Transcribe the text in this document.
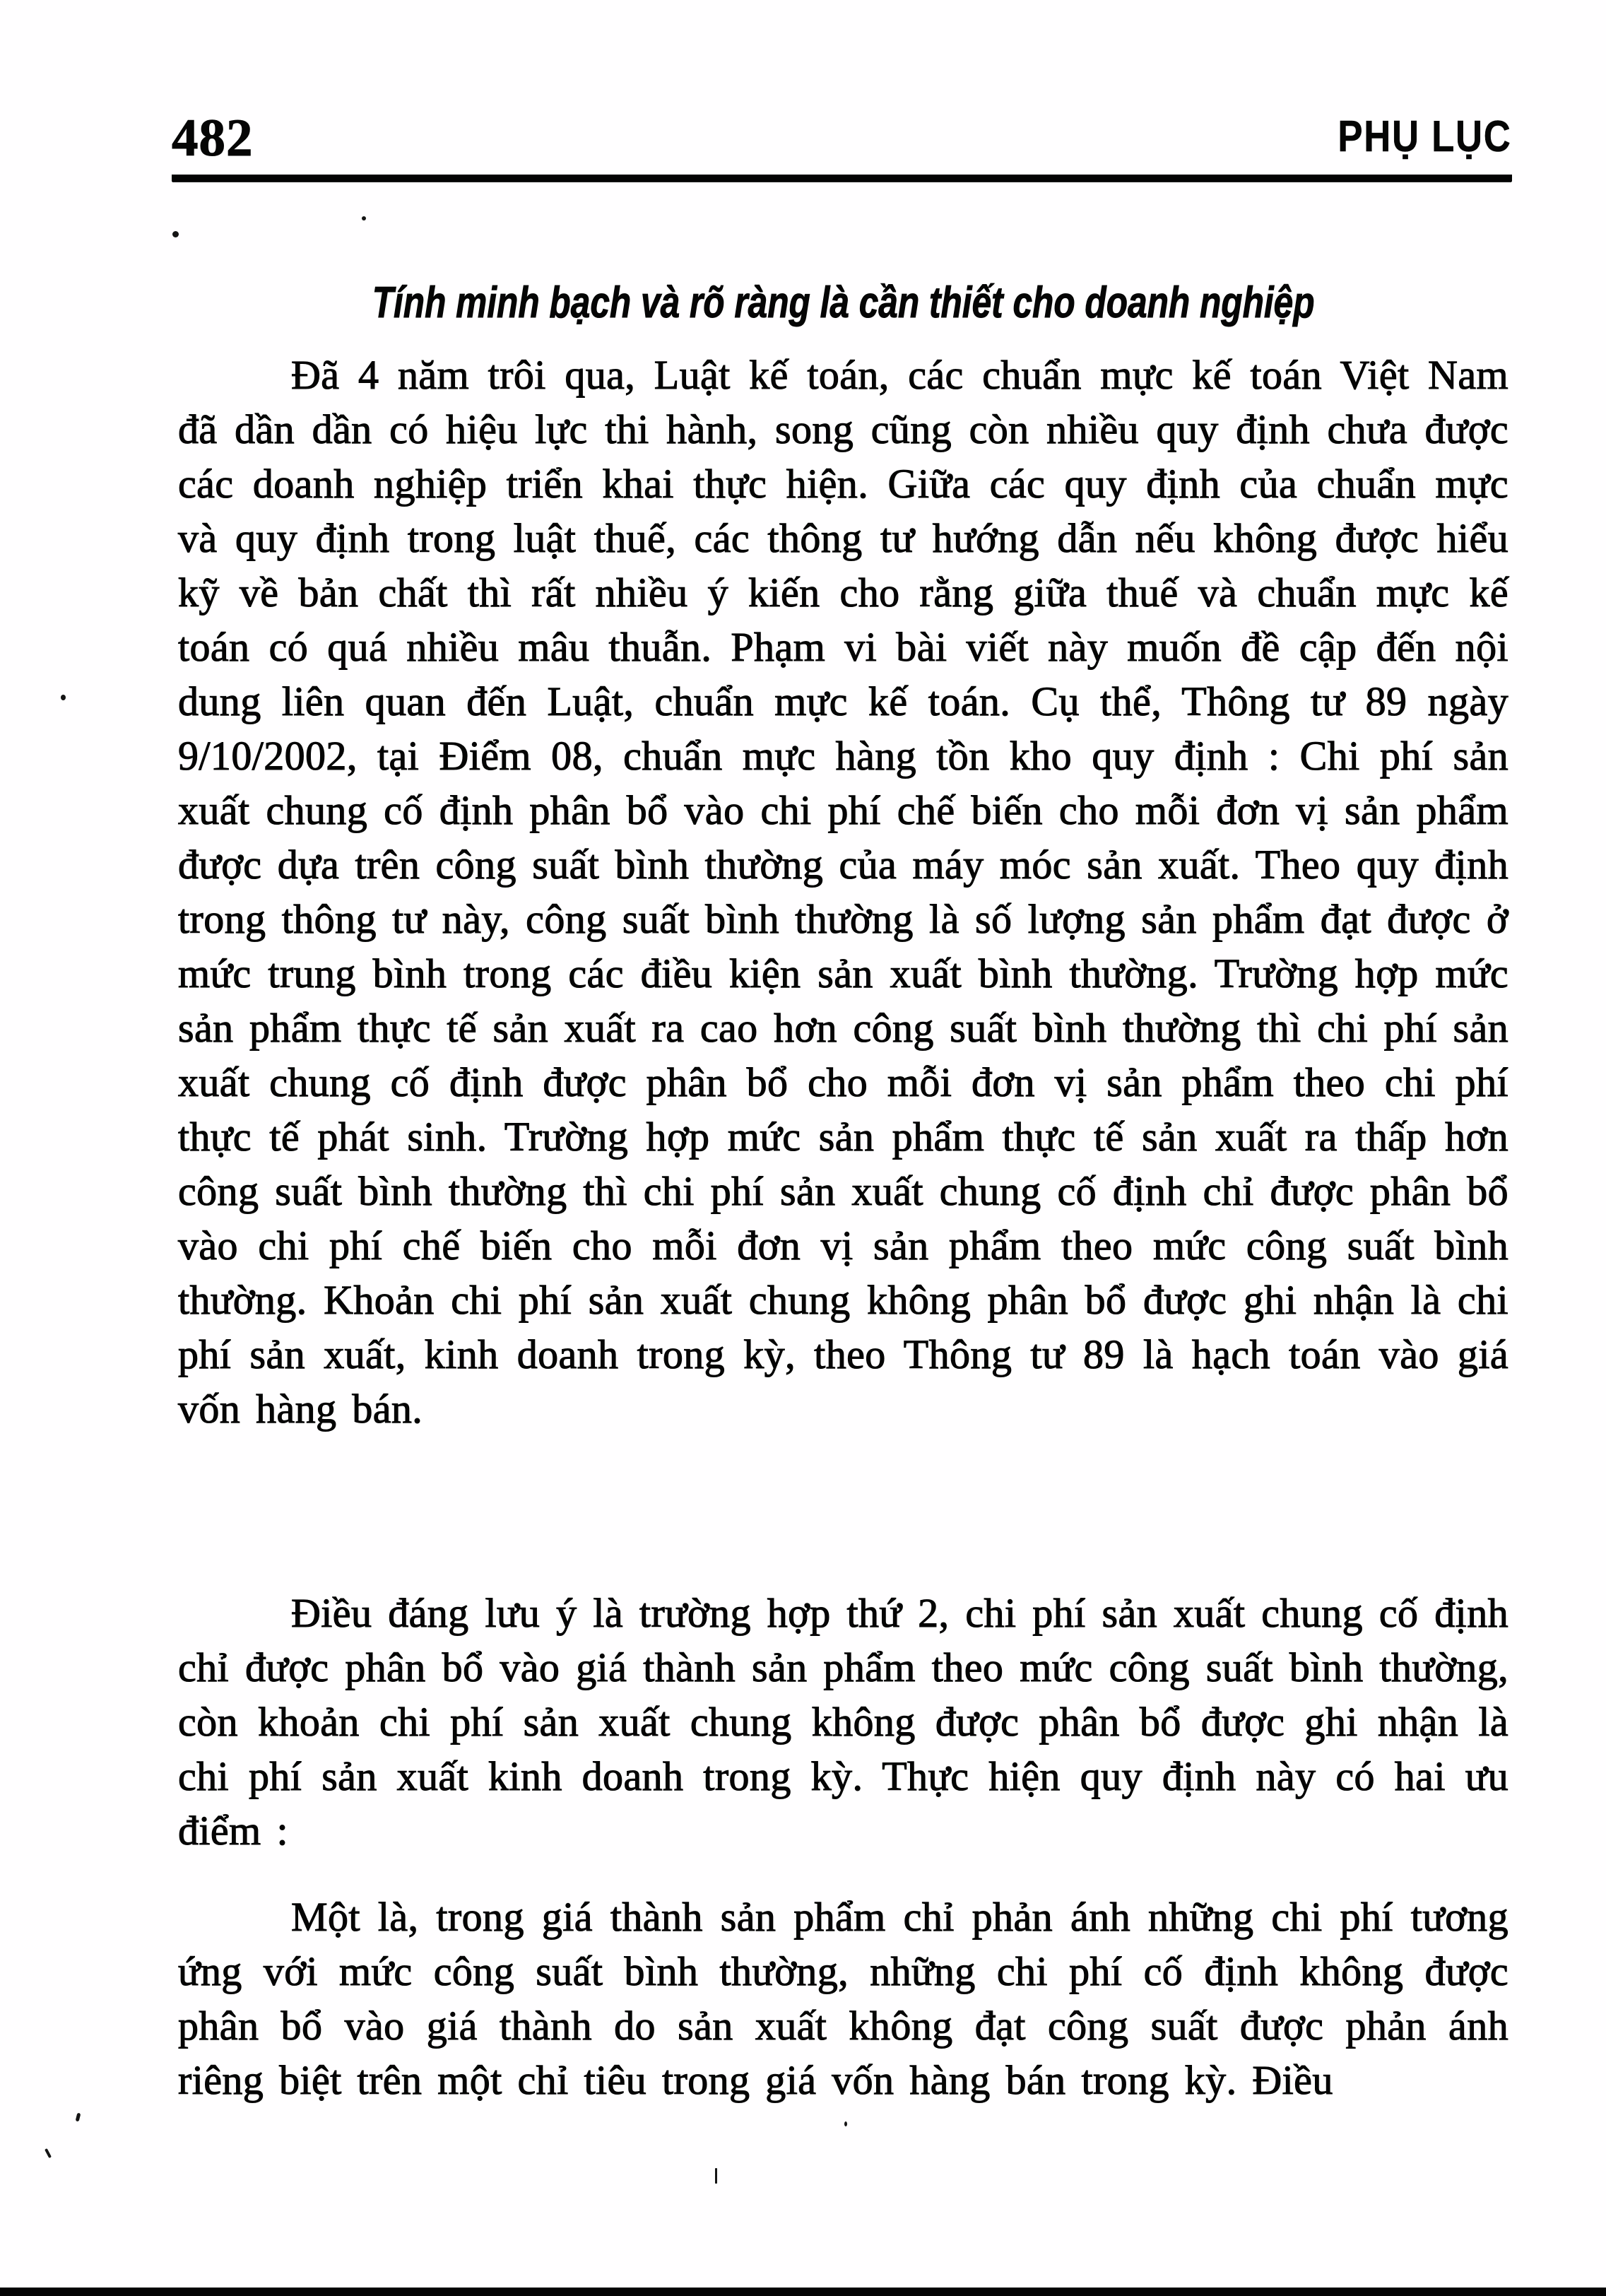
482	PHỤ LỤC
Tính minh bạch và rõ ràng là cần thiết cho doanh nghiệp

Đã 4 năm trôi qua, Luật kế toán, các chuẩn mực kế toán Việt Nam đã dần dần có hiệu lực thi hành, song cũng còn nhiều quy định chưa được các doanh nghiệp triển khai thực hiện. Giữa các quy định của chuẩn mực và quy định trong luật thuế, các thông tư hướng dẫn nếu không được hiểu kỹ về bản chất thì rất nhiều ý kiến cho rằng giữa thuế và chuẩn mực kế toán có quá nhiều mâu thuẫn. Phạm vi bài viết này muốn đề cập đến nội dung liên quan đến Luật, chuẩn mực kế toán. Cụ thể, Thông tư 89 ngày 9/10/2002, tại Điểm 08, chuẩn mực hàng tồn kho quy định : Chi phí sản xuất chung cố định phân bổ vào chi phí chế biến cho mỗi đơn vị sản phẩm được dựa trên công suất bình thường của máy móc sản xuất. Theo quy định trong thông tư này, công suất bình thường là số lượng sản phẩm đạt được ở mức trung bình trong các điều kiện sản xuất bình thường. Trường hợp mức sản phẩm thực tế sản xuất ra cao hơn công suất bình thường thì chi phí sản xuất chung cố định được phân bổ cho mỗi đơn vị sản phẩm theo chi phí thực tế phát sinh. Trường hợp mức sản phẩm thực tế sản xuất ra thấp hơn công suất bình thường thì chi phí sản xuất chung cố định chỉ được phân bổ vào chi phí chế biến cho mỗi đơn vị sản phẩm theo mức công suất bình thường. Khoản chi phí sản xuất chung không phân bổ được ghi nhận là chi phí sản xuất, kinh doanh trong kỳ, theo Thông tư 89 là hạch toán vào giá vốn hàng bán.

Điều đáng lưu ý là trường hợp thứ 2, chi phí sản xuất chung cố định chỉ được phân bổ vào giá thành sản phẩm theo mức công suất bình thường, còn khoản chi phí sản xuất chung không được phân bổ được ghi nhận là chi phí sản xuất kinh doanh trong kỳ. Thực hiện quy định này có hai ưu điểm :

Một là, trong giá thành sản phẩm chỉ phản ánh những chi phí tương ứng với mức công suất bình thường, những chi phí cố định không được phân bổ vào giá thành do sản xuất không đạt công suất được phản ánh riêng biệt trên một chỉ tiêu trong giá vốn hàng bán trong kỳ. Điều
